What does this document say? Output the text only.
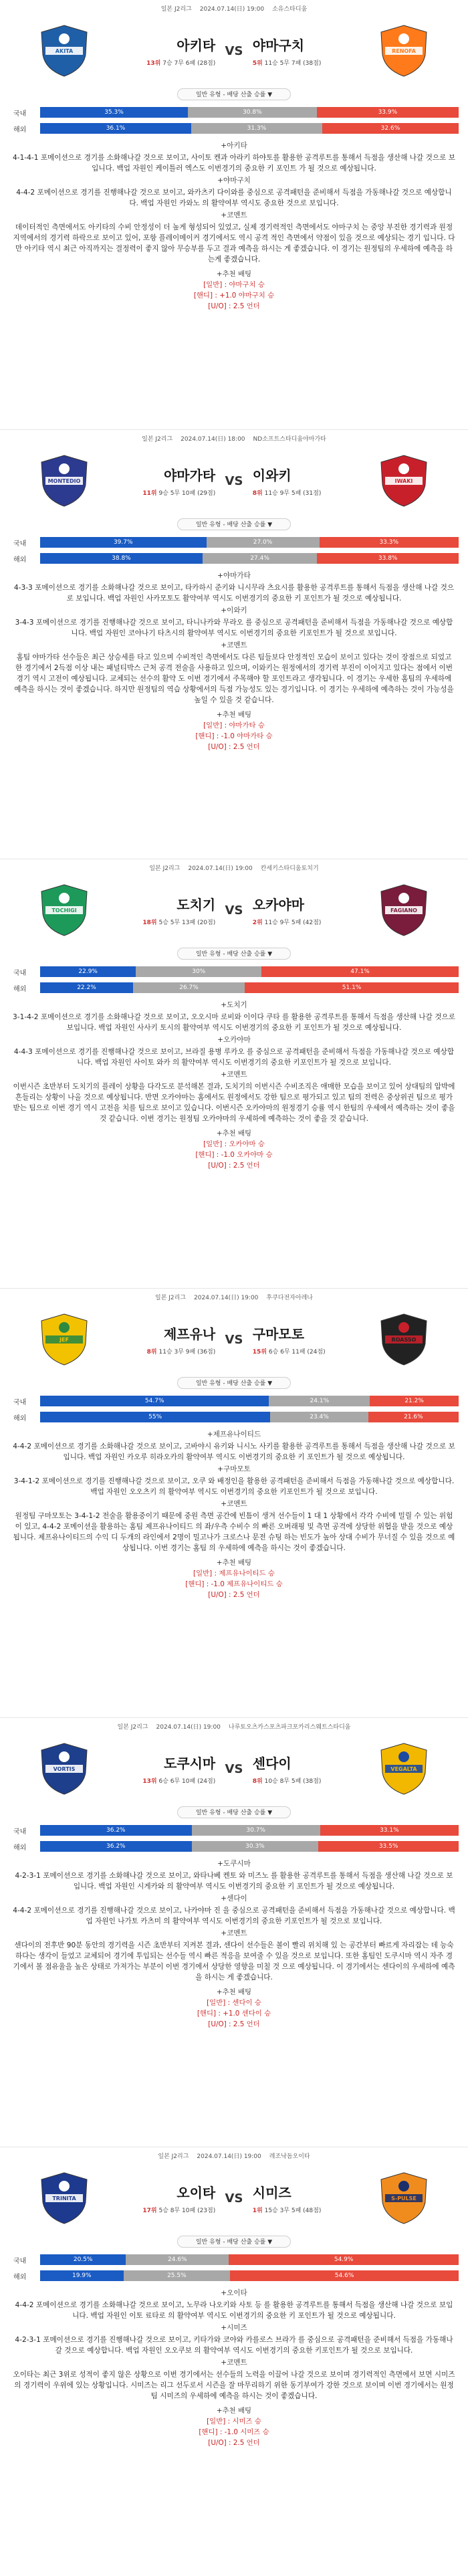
일본 J2리그 2024.07.14(日) 19:00 소유스타디움
AKITA	아키타
13위 7승 7무 6패 (28점)
VS	RENOFA
야마구치
5위 11승 5무 7패 (38점)
일반 유형 - 배당 산출 승률 ▼
국내	35.3%	30.8%	33.9%
해외	36.1%	31.3%	32.6%

+아키타

4-1-4-1 포메이션으로 경기를 소화해나갈 것으로 보이고, 사이토 켄과 아라키 하야토를 활용한 공격루트를 통해서 득점을 생산해 나갈 것으로 보입니다. 백업 자원인 케이틀러 엑스도 이번경기의 중요한 키 포인트 가 될 것으로 예상됩니다.

+야마구치

4-4-2 포메이션으로 경기를 진행해나갈 것으로 보이고, 와카츠키 다이와를 중심으로 공격패턴을 준비해서 득점을 가동해나갈 것으로 예상합니다. 백업 자원인 카와노 의 활약여부 역시도 중요한 것으로 보입니다.

+코멘트

데이터적인 측면에서도 아키타의 수비 안정성이 더 높게 형성되어 있었고, 실제 경기력적인 측면에서도 야마구치 는 중앙 부진한 경기력과 원정지역에서의 경기력 하락으로 보이고 있어, 포항 플레이메이커 경기에서도 역시 공격 적인 측면에서 약점이 있을 것으로 예상되는 경기 입니다. 다만 아키타 역시 최근 아직까지는 결정력이 좋지 않아 무승부를 두고 결과 예측을 하시는 게 좋겠습니다. 이 경기는 원정팀의 우세하에 예측을 하는게 좋겠습니다.

+추천 배팅
[일반] : 야마구치 승
[핸디] : +1.0 야마구치 승
[U/O] : 2.5 언더
일본 J2리그 2024.07.14(日) 18:00 ND소프트스타디움야마가타
MONTEDIO	야마가타
11위 9승 5무 10패 (29점)
VS	IWAKI
이와키
8위 11승 9무 5패 (31점)
일반 유형 - 배당 산출 승률 ▼
국내	39.7%	27.0%	33.3%
해외	38.8%	27.4%	33.8%

+야마가타

4-3-3 포메이션으로 경기를 소화해나갈 것으로 보이고, 타카하시 준키와 니시무라 츠요시를 활용한 공격루트를 통해서 득점을 생산해 나갈 것으로 보입니다. 백업 자원인 사카모토도 활약여부 역시도 이번경기의 중요한 키 포인트가 될 것으로 예상됩니다.

+이와키

3-4-3 포메이션으로 경기를 진행해나갈 것으로 보이고, 타니나카와 무라오 를 중심으로 공격패턴을 준비해서 득점을 가동해나갈 것으로 예상합니다. 백업 자원인 코야나기 타츠시의 활약여부 역시도 이번경기의 중요한 키포인트가 될 것으로 보입니다.

+코멘트

홈팀 야마가타 선수들은 최근 상승세를 타고 있으며 수비적인 측면에서도 다른 팀들보다 안정적인 모습이 보이고 있다는 것이 장점으로 되었고 한 경기에서 2득점 이상 내는 패널티박스 근처 공격 전술을 사용하고 있으며, 이와키는 원정에서의 경기력 부진이 이어지고 있다는 점에서 이번 경기 역시 고전이 예상됩니다. 교체되는 선수의 활약 도 이번 경기에서 주목해야 할 포인트라고 생각됩니다. 이 경기는 우세한 홈팀의 우세하에 예측을 하시는 것이 좋겠습니다. 하지만 원정팀의 역습 상황에서의 득점 가능성도 있는 경기입니다. 이 경기는 우세하에 예측하는 것이 가능성을 높일 수 있을 것 같습니다.

+추천 배팅
[일반] : 야마가타 승
[핸디] : -1.0 야마가타 승
[U/O] : 2.5 언더
일본 J2리그 2024.07.14(日) 19:00 칸세키스타디움토치기
TOCHIGI	도치기
18위 5승 5무 13패 (20점)
VS	FAGIANO
오카야마
2위 11승 9무 5패 (42점)
일반 유형 - 배당 산출 승률 ▼
국내	22.9%	30%	47.1%
해외	22.2%	26.7%	51.1%

+도치기

3-1-4-2 포메이션으로 경기를 소화해나갈 것으로 보이고, 오오시마 로비와 이이다 쿠타 를 활용한 공격루트를 통해서 득점을 생산해 나갈 것으로 보입니다. 백업 자원인 사사키 토시의 활약여부 역시도 이번경기의 중요한 키 포인트가 될 것으로 예상됩니다.

+오카야마

4-4-3 포메이션으로 경기를 진행해나갈 것으로 보이고, 브라질 용병 루카오 를 중심으로 공격패턴을 준비해서 득점을 가동해나갈 것으로 예상합니다. 백업 자원인 사이토 와카 의 활약여부 역시도 이번경기의 중요한 키포인트가 될 것으로 보입니다.

+코멘트

이번시즌 초반부터 도치기의 플레이 상황을 다각도로 분석해본 결과, 도치기의 이번시즌 수비조직은 애매한 모습을 보이고 있어 상대팀의 압박에 흔들리는 상황이 나올 것으로 예상됩니다. 반면 오카야마는 홈에서도 원정에서도 강한 팀으로 평가되고 있고 팀의 전력은 중상위권 팀으로 평가받는 팀으로 이번 경기 역시 고전을 치를 팀으로 보이고 있습니다. 이번시즌 오카야마의 원정경기 승률 역시 한팀의 우세에서 예측하는 것이 좋을 것 같습니다. 이번 경기는 원정팀 오카야마의 우세하에 예측하는 것이 좋을 것 같습니다.

+추천 배팅
[일반] : 오카야마 승
[핸디] : -1.0 오카야마 승
[U/O] : 2.5 언더
일본 J2리그 2024.07.14(日) 19:00 후쿠다전자아레나
JEF	제프유나
8위 11승 3무 9패 (36점)
VS	ROASSO
구마모토
15위 6승 6무 11패 (24점)
일반 유형 - 배당 산출 승률 ▼
국내	54.7%	24.1%	21.2%
해외	55%	23.4%	21.6%

+제프유나이티드

4-4-2 포메이션으로 경기를 소화해나갈 것으로 보이고, 고바야시 유키와 니시노 사키를 활용한 공격루트를 통해서 득점을 생산해 나갈 것으로 보입니다. 백업 자원인 카오루 히라오카의 활약여부 역시도 이번경기의 중요한 키 포인트가 될 것으로 예상됩니다.

+구마모토

3-4-1-2 포메이션으로 경기를 진행해나갈 것으로 보이고, 오쿠 와 배정인을 활용한 공격패턴을 준비해서 득점을 가동해나갈 것으로 예상합니다. 백업 자원인 오오츠키 의 활약여부 역시도 이번경기의 중요한 키포인트가 될 것으로 보입니다.

+코멘트

원정팀 구마모토는 3-4-1-2 전술을 활용중이기 때문에 중원 측면 공간에 빈틈이 생겨 선수들이 1 대 1 상황에서 각각 수비에 밀릴 수 있는 위험이 있고, 4-4-2 포메이션을 활용하는 홈팀 제프유나이티드 의 좌/우측 수비수 의 빠른 오버래핑 및 측면 공격에 상당한 위협을 받을 것으로 예상됩니다. 제프유나이티드의 수익 디 두개의 라인에서 2명이 밀고나가 크로스나 문전 슈팅 하는 빈도가 높아 상대 수비가 무너질 수 있을 것으로 예상됩니다. 이번 경기는 홈팀 의 우세하에 예측을 하시는 것이 좋겠습니다.

+추천 배팅
[일반] : 제프유나이티드 승
[핸디] : -1.0 제프유나이티드 승
[U/O] : 2.5 언더
일본 J2리그 2024.07.14(日) 19:00 나루토오츠카스포츠파크포카리스웨트스타디움
VORTIS	도쿠시마
13위 6승 6무 10패 (24점)
VS	VEGALTA
센다이
8위 10승 8무 5패 (38점)
일반 유형 - 배당 산출 승률 ▼
국내	36.2%	30.7%	33.1%
해외	36.2%	30.3%	33.5%

+도쿠시마

4-2-3-1 포메이션으로 경기를 소화해나갈 것으로 보이고, 와타나베 켄토 와 미즈노 를 활용한 공격루트를 통해서 득점을 생산해 나갈 것으로 보입니다. 백업 자원인 시게카와 의 활약여부 역시도 이번경기의 중요한 키 포인트가 될 것으로 예상됩니다.

+센다이

4-4-2 포메이션으로 경기를 진행해나갈 것으로 보이고, 나카야마 진 을 중심으로 공격패턴을 준비해서 득점을 가동해나갈 것으로 예상합니다. 백업 자원인 나가토 카츠미 의 활약여부 역시도 이번경기의 중요한 키포인트가 될 것으로 보입니다.

+코멘트

센다이의 전후반 90분 동안의 경기력을 시즌 초반부터 지켜본 결과, 센다이 선수들은 볼이 빨리 위치해 있 는 공간부터 빠르게 자리잡는 데 능숙하다는 생각이 들었고 교체되어 경기에 투입되는 선수들 역시 빠른 적응을 보여줄 수 있을 것으로 보입니다. 또한 홈팀인 도쿠시마 역시 자주 경기에서 볼 점유율을 높은 상태로 가져가는 부분이 이번 경기에서 상당한 영향을 미칠 것 으로 예상됩니다. 이 경기에서는 센다이의 우세하에 예측을 하시는 게 좋겠습니다.

+추천 배팅
[일반] : 센다이 승
[핸디] : +1.0 센다이 승
[U/O] : 2.5 언더
일본 J2리그 2024.07.14(日) 19:00 레조낙돔오이타
TRINITA	오이타
17위 5승 8무 10패 (23점)
VS	S-PULSE
시미즈
1위 15승 3무 5패 (48점)
일반 유형 - 배당 산출 승률 ▼
국내	20.5%	24.6%	54.9%
해외	19.9%	25.5%	54.6%

+오이타

4-4-2 포메이션으로 경기를 소화해나갈 것으로 보이고, 노무라 나오키와 사토 등 를 활용한 공격루트를 통해서 득점을 생산해 나갈 것으로 보입니다. 백업 자원인 이토 료타로 의 활약여부 역시도 이번경기의 중요한 키 포인트가 될 것으로 예상됩니다.

+시미즈

4-2-3-1 포메이션으로 경기를 진행해나갈 것으로 보이고, 키타가와 코야와 카를로스 브라가 를 중심으로 공격패턴을 준비해서 득점을 가동해나갈 것으로 예상합니다. 백업 자원인 오오쿠보 의 활약여부 역시도 이번경기의 중요한 키포인트가 될 것으로 보입니다.

+코멘트

오이타는 최근 3위로 성적이 좋지 않은 상황으로 이번 경기에서는 선수들의 노력을 이끌어 나갈 것으로 보이며 경기력적인 측면에서 보면 시미즈의 경기력이 우위에 있는 상황입니다. 시미즈는 리그 선두로서 시즌을 잘 마무리하기 위한 동기부여가 강한 것으로 보이며 이번 경기에서는 원정팀 시미즈의 우세하에 예측을 하시는 것이 좋겠습니다.

+추천 배팅
[일반] : 시미즈 승
[핸디] : -1.0 시미즈 승
[U/O] : 2.5 언더
